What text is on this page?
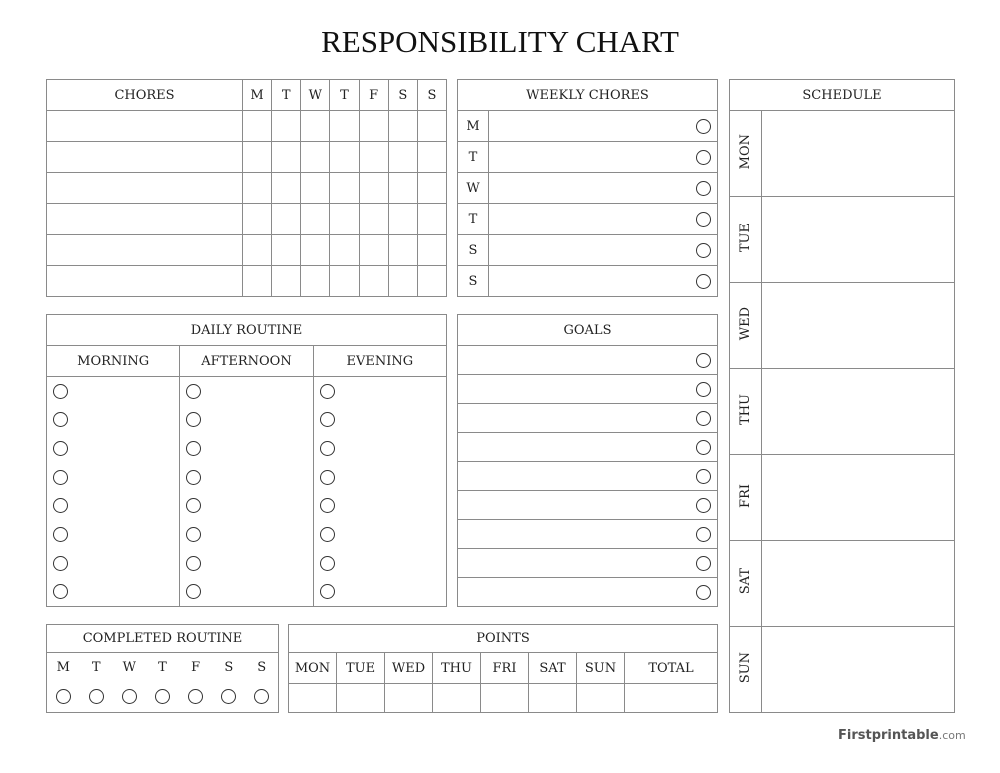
RESPONSIBILITY CHART
CHORES	M	T	W	T	F	S	S

								WEEKLY CHORES	
M	
T	
W	
T	
S	
S	
SCHEDULE	
MON	
TUE	
WED	
THU	
FRI	
SAT	
SUN	
DAILY ROUTINE		
MORNING	AFTERNOON	EVENING

GOALS

COMPLETED ROUTINE						
M	T	W	T	F	S	S

POINTS							
MON	TUE	WED	THU	FRI	SAT	SUN	TOTAL

Firstprintable.com
